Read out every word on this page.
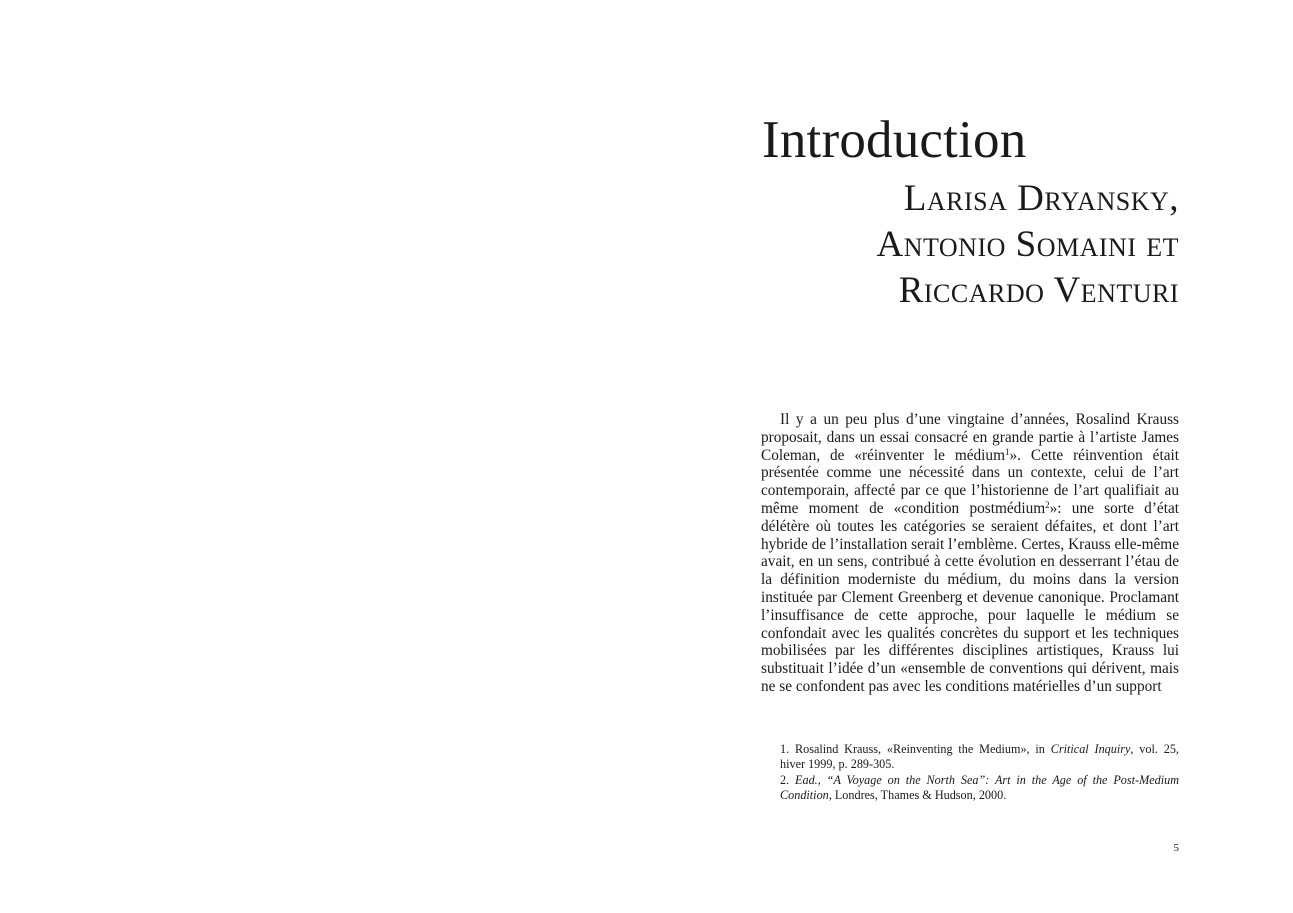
Introduction
Larisa Dryansky,
Antonio Somaini et
Riccardo Venturi

Il y a un peu plus d’une vingtaine d’années, Rosalind Krauss proposait, dans un essai consacré en grande partie à l’artiste James Coleman, de «réinventer le médium$^1$». Cette réinvention était présentée comme une nécessité dans un contexte, celui de l’art contemporain, affecté par ce que l’historienne de l’art qualifiait au même moment de «condition postmédium$^2$»: une sorte d’état délétère où toutes les catégories se seraient défaites, et dont l’art hybride de l’installation serait l’emblème. Certes, Krauss elle-même avait, en un sens, contribué à cette évolution en desserrant l’étau de la définition moderniste du médium, du moins dans la version instituée par Clement Greenberg et devenue canonique. Proclamant l’insuffisance de cette approche, pour laquelle le médium se confondait avec les qualités concrètes du support et les techniques mobilisées par les différentes disciplines artistiques, Krauss lui substituait l’idée d’un «ensemble de conventions qui dérivent, mais ne se confondent pas avec les conditions matérielles d’un support

1. Rosalind Krauss, «Reinventing the Medium», in Critical Inquiry, vol. 25, hiver 1999, p. 289-305.

2. Ead., “A Voyage on the North Sea”: Art in the Age of the Post-Medium Condition, Londres, Thames & Hudson, 2000.

5
